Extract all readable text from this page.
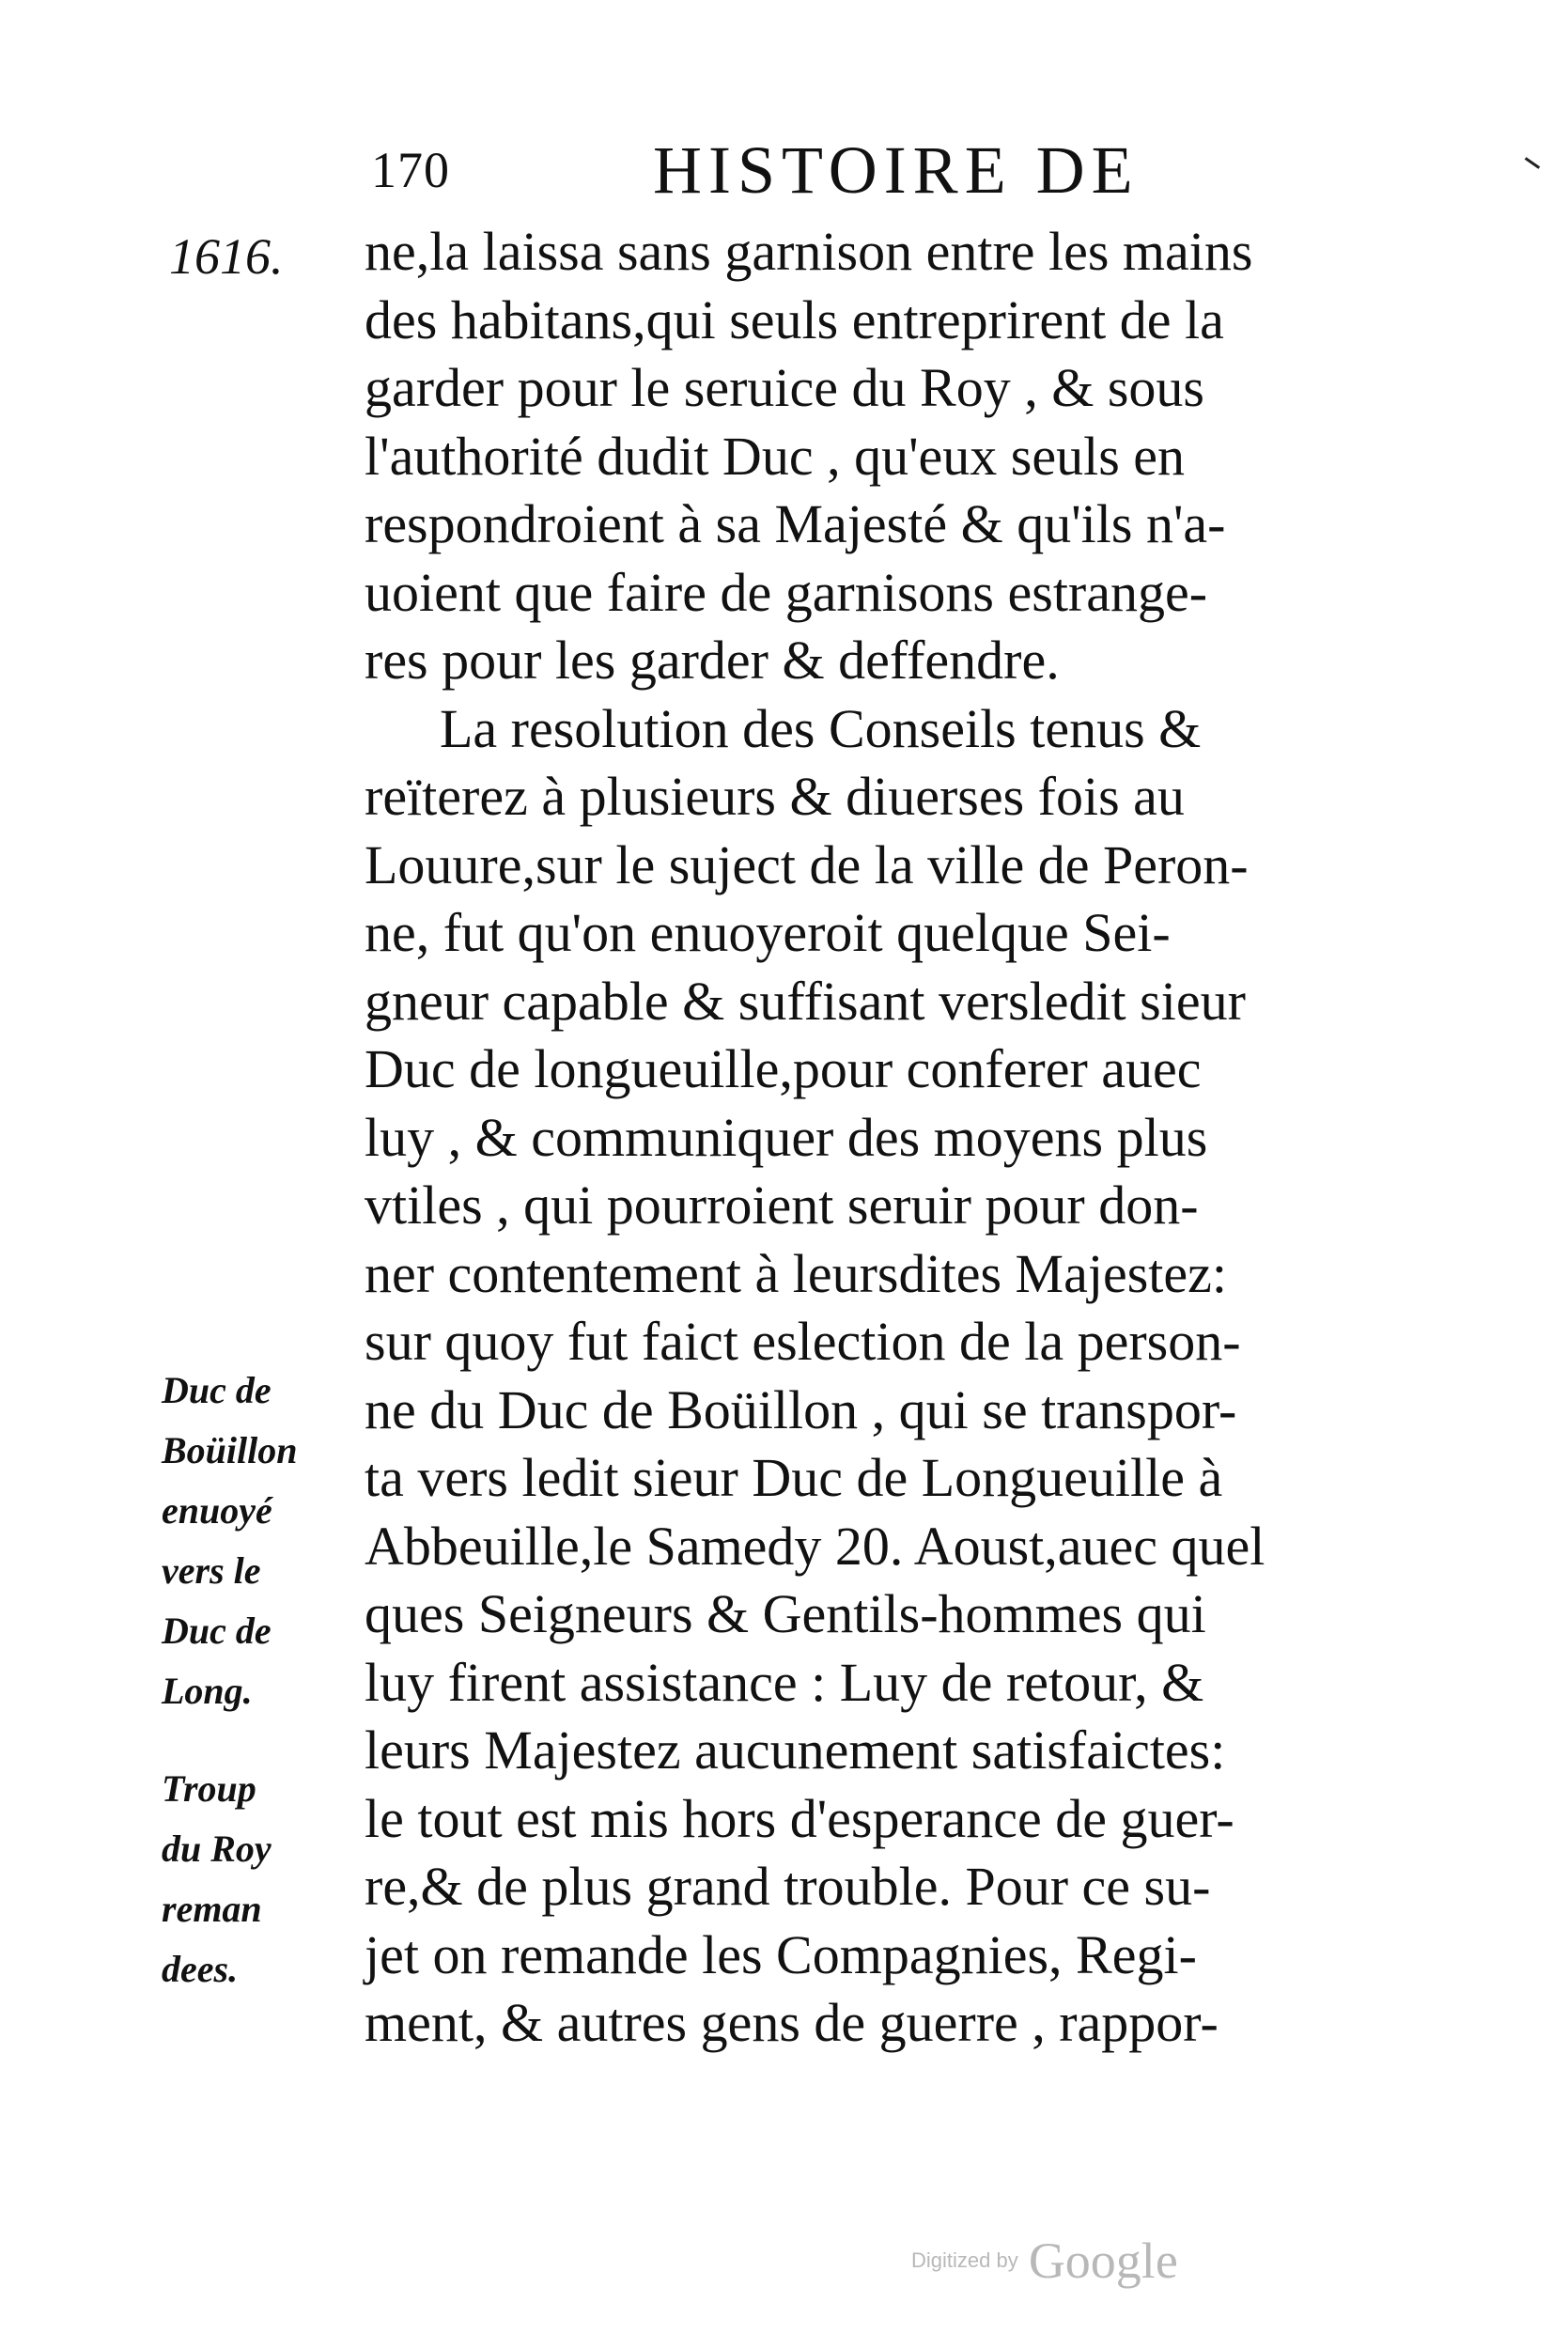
170	HISTOIRE DE
1616. ne,la laissa sans garnison entre les mains
des habitans,qui seuls entreprirent de la
garder pour le seruice du Roy , & sous
l'authorité dudit Duc , qu'eux seuls en
respondroient à sa Majesté & qu'ils n'a-
uoient que faire de garnisons estrange-
res pour les garder & deffendre.
La resolution des Conseils tenus &
reïterez à plusieurs & diuerses fois au
Louure,sur le suject de la ville de Peron-
ne, fut qu'on enuoyeroit quelque Sei-
gneur capable & suffisant versledit sieur
Duc de longueuille,pour conferer auec
luy , & communiquer des moyens plus
vtiles , qui pourroient seruir pour don-
ner contentement à leursdites Majestez:
sur quoy fut faict eslection de la person-
ne du Duc de Boüillon , qui se transpor-
ta vers ledit sieur Duc de Longueuille à
Abbeuille,le Samedy 20. Aoust,auec quel
ques Seigneurs & Gentils-hommes qui
luy firent assistance : Luy de retour, &
leurs Majestez aucunement satisfaictes:
le tout est mis hors d'esperance de guer-
re,& de plus grand trouble. Pour ce su-
jet on remande les Compagnies, Regi-
ment, & autres gens de guerre , rappor-
Duc de
Boüillon
enuoyé
vers le
Duc de
Long.
Troup
du Roy
reman
dees.
Digitized by Google
